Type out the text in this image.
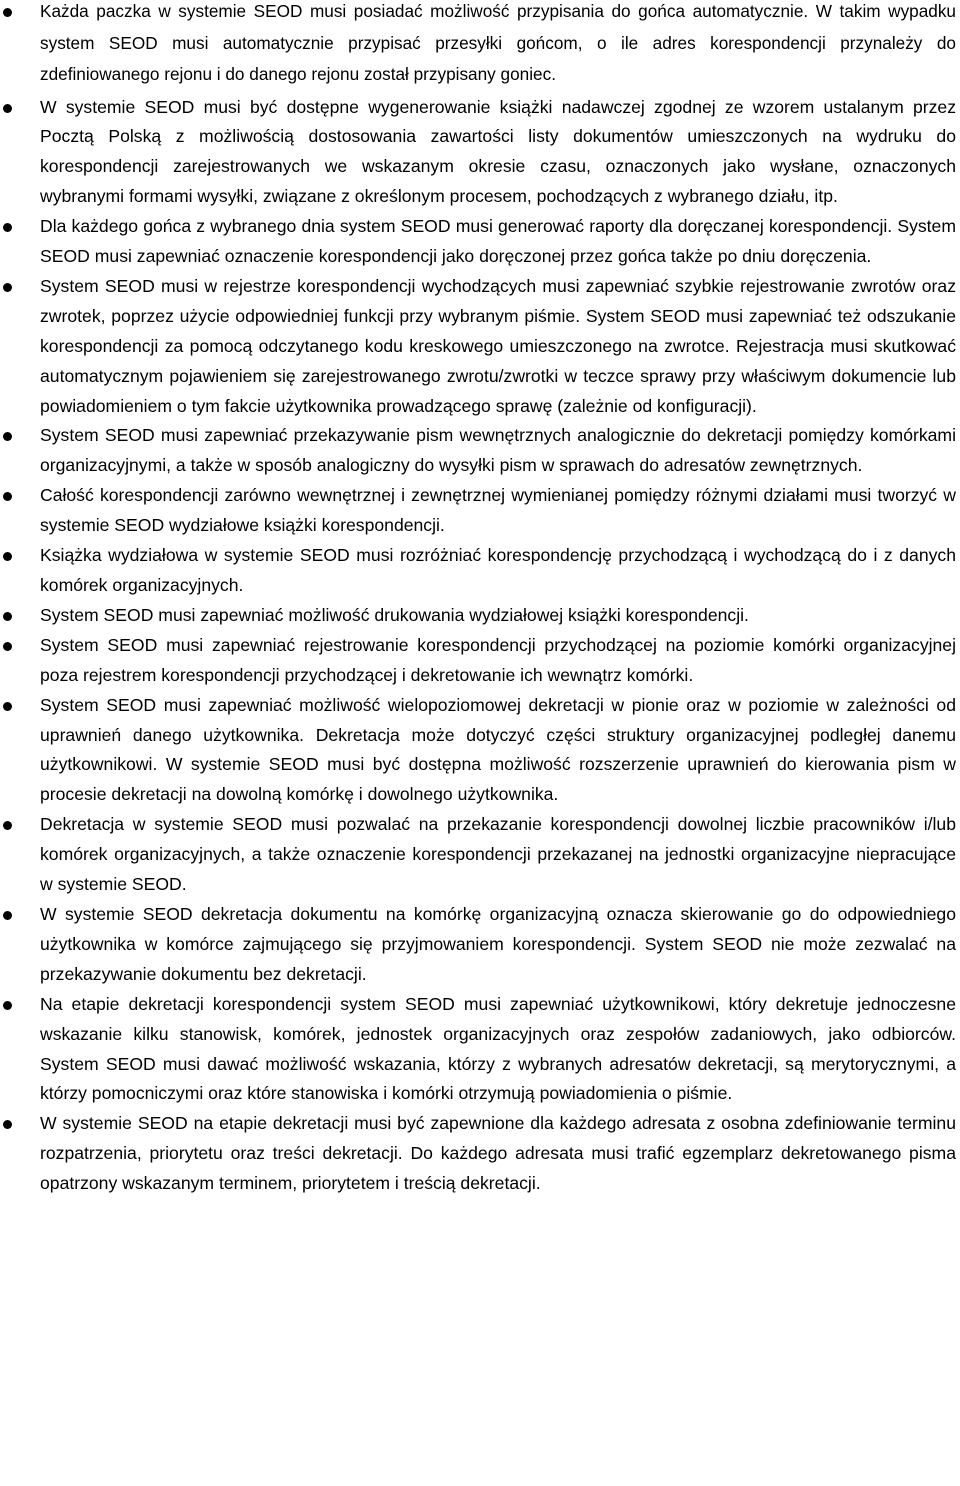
Każda paczka w systemie SEOD musi posiadać możliwość przypisania do gońca automatycznie. W takim wypadku system SEOD musi automatycznie przypisać przesyłki gońcom, o ile adres korespondencji przynależy do zdefiniowanego rejonu i do danego rejonu został przypisany goniec.
W systemie SEOD musi być dostępne wygenerowanie książki nadawczej zgodnej ze wzorem ustalanym przez Pocztą Polską z możliwością dostosowania zawartości listy dokumentów umieszczonych na wydruku do korespondencji zarejestrowanych we wskazanym okresie czasu, oznaczonych jako wysłane, oznaczonych wybranymi formami wysyłki, związane z określonym procesem, pochodzących z wybranego działu, itp.
Dla każdego gońca z wybranego dnia system SEOD musi generować raporty dla doręczanej korespondencji. System SEOD musi zapewniać oznaczenie korespondencji jako doręczonej przez gońca także po dniu doręczenia.
System SEOD musi w rejestrze korespondencji wychodzących musi zapewniać szybkie rejestrowanie zwrotów oraz zwrotek, poprzez użycie odpowiedniej funkcji przy wybranym piśmie. System SEOD musi zapewniać też odszukanie korespondencji za pomocą odczytanego kodu kreskowego umieszczonego na zwrotce. Rejestracja musi skutkować automatycznym pojawieniem się zarejestrowanego zwrotu/zwrotki w teczce sprawy przy właściwym dokumencie lub powiadomieniem o tym fakcie użytkownika prowadzącego sprawę (zależnie od konfiguracji).
System SEOD musi zapewniać przekazywanie pism wewnętrznych analogicznie do dekretacji pomiędzy komórkami organizacyjnymi, a także w sposób analogiczny do wysyłki pism w sprawach do adresatów zewnętrznych.
Całość korespondencji zarówno wewnętrznej i zewnętrznej wymienianej pomiędzy różnymi działami musi tworzyć w systemie SEOD wydziałowe książki korespondencji.
Książka wydziałowa w systemie SEOD musi rozróżniać korespondencję przychodzącą i wychodzącą do i z danych komórek organizacyjnych.
System SEOD musi zapewniać możliwość drukowania wydziałowej książki korespondencji.
System SEOD musi zapewniać rejestrowanie korespondencji przychodzącej na poziomie komórki organizacyjnej poza rejestrem korespondencji przychodzącej i dekretowanie ich wewnątrz komórki.
System SEOD musi zapewniać możliwość wielopoziomowej dekretacji w pionie oraz w poziomie w zależności od uprawnień danego użytkownika. Dekretacja może dotyczyć części struktury organizacyjnej podległej danemu użytkownikowi. W systemie SEOD musi być dostępna możliwość rozszerzenie uprawnień do kierowania pism w procesie dekretacji na dowolną komórkę i dowolnego użytkownika.
Dekretacja w systemie SEOD musi pozwalać na przekazanie korespondencji dowolnej liczbie pracowników i/lub komórek organizacyjnych, a także oznaczenie korespondencji przekazanej na jednostki organizacyjne niepracujące w systemie SEOD.
W systemie SEOD dekretacja dokumentu na komórkę organizacyjną oznacza skierowanie go do odpowiedniego użytkownika w komórce zajmującego się przyjmowaniem korespondencji. System SEOD nie może zezwalać na przekazywanie dokumentu bez dekretacji.
Na etapie dekretacji korespondencji system SEOD musi zapewniać użytkownikowi, który dekretuje jednoczesne wskazanie kilku stanowisk, komórek, jednostek organizacyjnych oraz zespołów zadaniowych, jako odbiorców. System SEOD musi dawać możliwość wskazania, którzy z wybranych adresatów dekretacji, są merytorycznymi, a którzy pomocniczymi oraz które stanowiska i komórki otrzymują powiadomienia o piśmie.
W systemie SEOD na etapie dekretacji musi być zapewnione dla każdego adresata z osobna zdefiniowanie terminu rozpatrzenia, priorytetu oraz treści dekretacji. Do każdego adresata musi trafić egzemplarz dekretowanego pisma opatrzony wskazanym terminem, priorytetem i treścią dekretacji.
